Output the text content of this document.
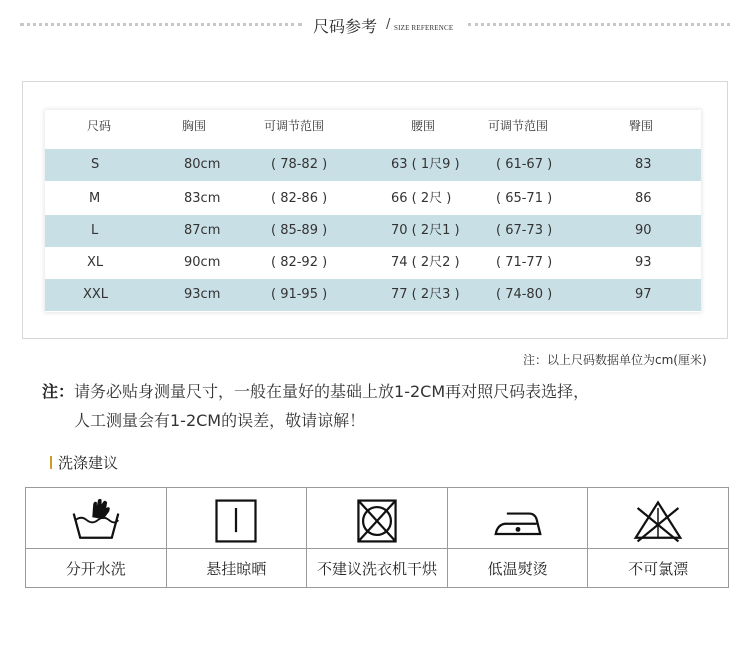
尺码参考 / SIZE REFERENCE
尺码	胸围	可调节范围	腰围	可调节范围	臀围
S	80cm	( 78-82 )	63 ( 1尺9 )	( 61-67 )	83
M	83cm	( 82-86 )	66 ( 2尺 )	( 65-71 )	86
L	87cm	( 85-89 )	70 ( 2尺1 )	( 67-73 )	90
XL	90cm	( 82-92 )	74 ( 2尺2 )	( 71-77 )	93
XXL	93cm	( 91-95 )	77 ( 2尺3 )	( 74-80 )	97
注：以上尺码数据单位为cm(厘米)
注：请务必贴身测量尺寸，一般在量好的基础上放1-2CM再对照尺码表选择，
人工测量会有1-2CM的误差，敬请谅解！
洗涤建议
分开水洗	悬挂晾晒	不建议洗衣机干烘	低温熨烫	不可氯漂
